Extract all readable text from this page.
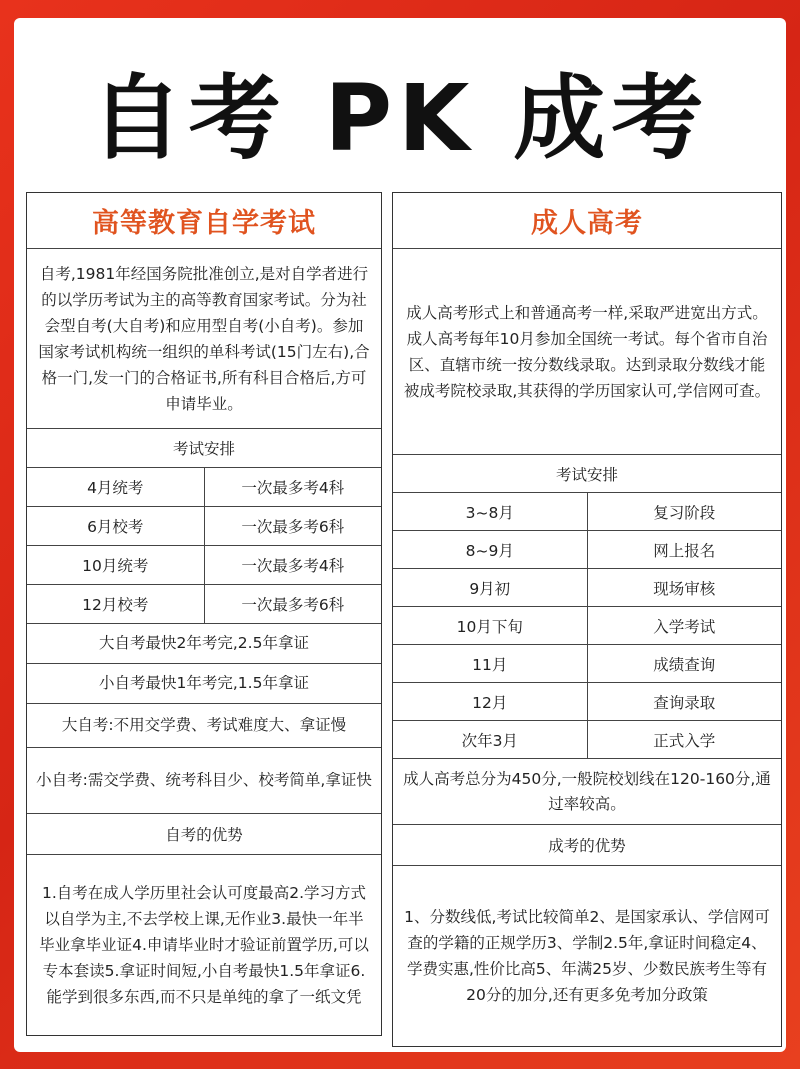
自考 PK 成考
高等教育自学考试
自考,1981年经国务院批准创立,是对自学者进行的以学历考试为主的高等教育国家考试。分为社会型自考(大自考)和应用型自考(小自考)。参加国家考试机构统一组织的单科考试(15门左右),合格一门,发一门的合格证书,所有科目合格后,方可申请毕业。
考试安排
4月统考	一次最多考4科
6月校考	一次最多考6科
10月统考	一次最多考4科
12月校考	一次最多考6科
大自考最快2年考完,2.5年拿证
小自考最快1年考完,1.5年拿证
大自考:不用交学费、考试难度大、拿证慢
小自考:需交学费、统考科目少、校考简单,拿证快
自考的优势
1.自考在成人学历里社会认可度最高2.学习方式以自学为主,不去学校上课,无作业3.最快一年半毕业拿毕业证4.申请毕业时才验证前置学历,可以专本套读5.拿证时间短,小自考最快1.5年拿证6.能学到很多东西,而不只是单纯的拿了一纸文凭
成人高考
成人高考形式上和普通高考一样,采取严进宽出方式。成人高考每年10月参加全国统一考试。每个省市自治区、直辖市统一按分数线录取。达到录取分数线才能被成考院校录取,其获得的学历国家认可,学信网可查。
考试安排
3~8月	复习阶段
8~9月	网上报名
9月初	现场审核
10月下旬	入学考试
11月	成绩查询
12月	查询录取
次年3月	正式入学
成人高考总分为450分,一般院校划线在120-160分,通过率较高。
成考的优势
1、分数线低,考试比较简单2、是国家承认、学信网可查的学籍的正规学历3、学制2.5年,拿证时间稳定4、学费实惠,性价比高5、年满25岁、少数民族考生等有20分的加分,还有更多免考加分政策
